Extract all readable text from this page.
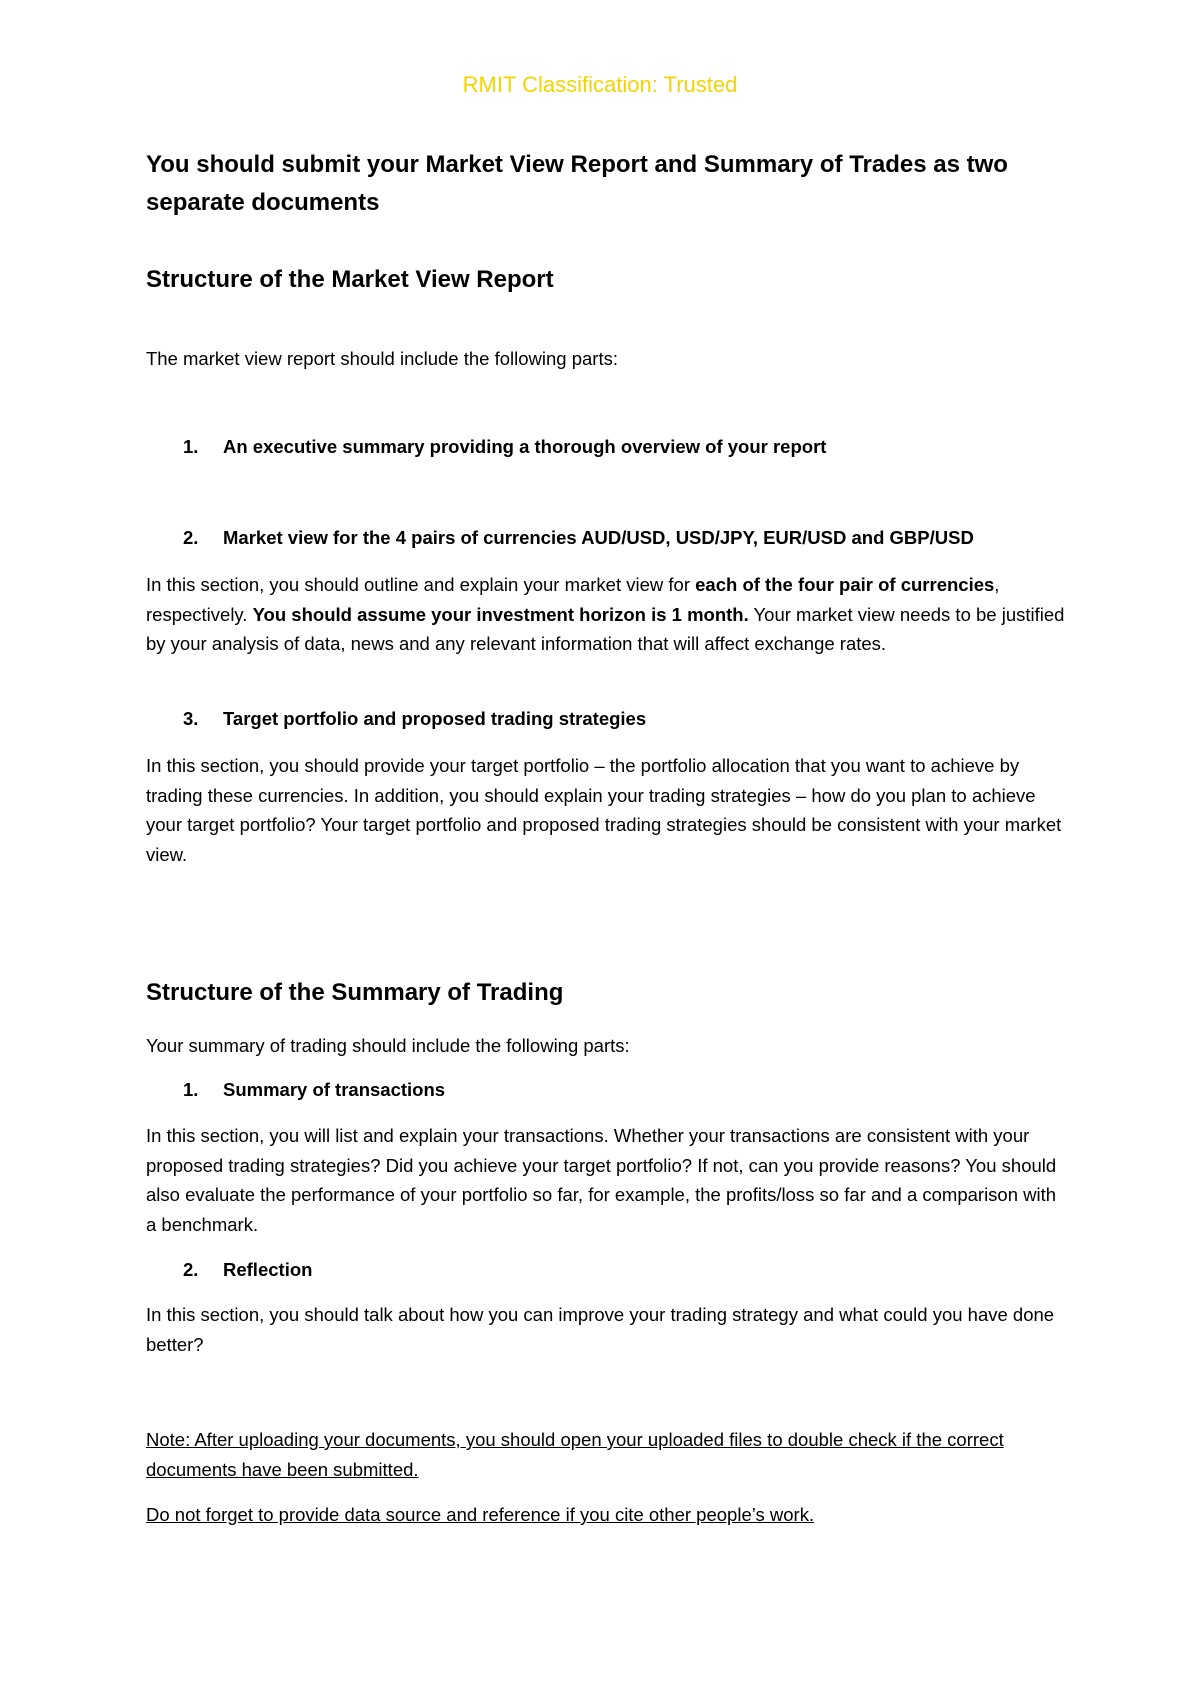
RMIT Classification: Trusted
You should submit your Market View Report and Summary of Trades as two separate documents
Structure of the Market View Report

The market view report should include the following parts:

1. An executive summary providing a thorough overview of your report

2. Market view for the 4 pairs of currencies AUD/USD, USD/JPY, EUR/USD and GBP/USD

In this section, you should outline and explain your market view for each of the four pair of currencies, respectively. You should assume your investment horizon is 1 month. Your market view needs to be justified by your analysis of data, news and any relevant information that will affect exchange rates.

3. Target portfolio and proposed trading strategies

In this section, you should provide your target portfolio – the portfolio allocation that you want to achieve by trading these currencies. In addition, you should explain your trading strategies – how do you plan to achieve your target portfolio? Your target portfolio and proposed trading strategies should be consistent with your market view.

Structure of the Summary of Trading

Your summary of trading should include the following parts:

1. Summary of transactions

In this section, you will list and explain your transactions. Whether your transactions are consistent with your proposed trading strategies? Did you achieve your target portfolio? If not, can you provide reasons? You should also evaluate the performance of your portfolio so far, for example, the profits/loss so far and a comparison with a benchmark.

2. Reflection

In this section, you should talk about how you can improve your trading strategy and what could you have done better?

Note: After uploading your documents, you should open your uploaded files to double check if the correct documents have been submitted.

Do not forget to provide data source and reference if you cite other people’s work.
